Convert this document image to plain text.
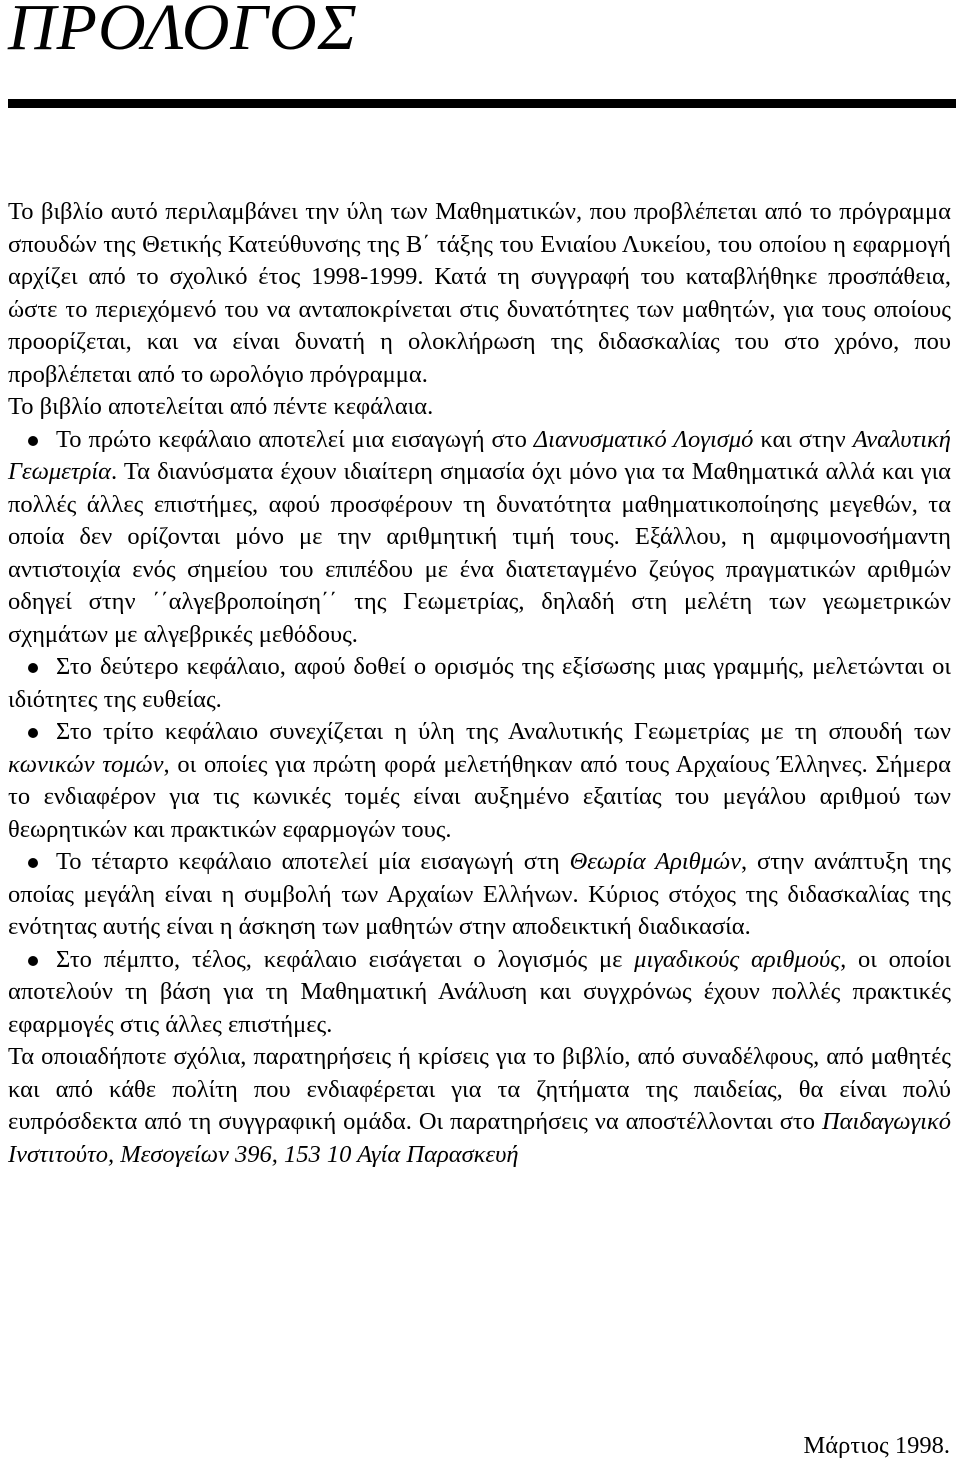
ΠΡΟΛΟΓΟΣ

Το βιβλίο αυτό περιλαμβάνει την ύλη των Μαθηματικών, που προβλέπεται από το πρόγραμμα σπουδών της Θετικής Κατεύθυνσης της Β΄ τάξης του Ενιαίου Λυκείου, του οποίου η εφαρμογή αρχίζει από το σχολικό έτος 1998-1999. Κατά τη συγγραφή του καταβλήθηκε προσπάθεια, ώστε το περιεχόμενό του να ανταποκρίνεται στις δυνατότητες των μαθητών, για τους οποίους προορίζεται, και να είναι δυνατή η ολοκλήρωση της διδασκαλίας του στο χρόνο, που προβλέπεται από το ωρολόγιο πρόγραμμα.

Το βιβλίο αποτελείται από πέντε κεφάλαια.

Το πρώτο κεφάλαιο αποτελεί μια εισαγωγή στο Διανυσματικό Λογισμό και στην Αναλυτική Γεωμετρία. Τα διανύσματα έχουν ιδιαίτερη σημασία όχι μόνο για τα Μαθηματικά αλλά και για πολλές άλλες επιστήμες, αφού προσφέρουν τη δυνατότητα μαθηματικοποίησης μεγεθών, τα οποία δεν ορίζονται μόνο με την αριθμητική τιμή τους. Εξάλλου, η αμφιμονοσήμαντη αντιστοιχία ενός σημείου του επιπέδου με ένα διατεταγμένο ζεύγος πραγματικών αριθμών οδηγεί στην ΄΄αλγεβροποίηση΄΄ της Γεωμετρίας, δηλαδή στη μελέτη των γεωμετρικών σχημάτων με αλγεβρικές μεθόδους.

Στο δεύτερο κεφάλαιο, αφού δοθεί ο ορισμός της εξίσωσης μιας γραμμής, μελετώνται οι ιδιότητες της ευθείας.

Στο τρίτο κεφάλαιο συνεχίζεται η ύλη της Αναλυτικής Γεωμετρίας με τη σπουδή των κωνικών τομών, οι οποίες για πρώτη φορά μελετήθηκαν από τους Αρχαίους Έλληνες. Σήμερα το ενδιαφέρον για τις κωνικές τομές είναι αυξημένο εξαιτίας του μεγάλου αριθμού των θεωρητικών και πρακτικών εφαρμογών τους.

Το τέταρτο κεφάλαιο αποτελεί μία εισαγωγή στη Θεωρία Αριθμών, στην ανάπτυξη της οποίας μεγάλη είναι η συμβολή των Αρχαίων Ελλήνων. Κύριος στόχος της διδασκαλίας της ενότητας αυτής είναι η άσκηση των μαθητών στην αποδεικτική διαδικασία.

Στο πέμπτο, τέλος, κεφάλαιο εισάγεται ο λογισμός με μιγαδικούς αριθμούς, οι οποίοι αποτελούν τη βάση για τη Μαθηματική Ανάλυση και συγχρόνως έχουν πολλές πρακτικές εφαρμογές στις άλλες επιστήμες.

Τα οποιαδήποτε σχόλια, παρατηρήσεις ή κρίσεις για το βιβλίο, από συναδέλφους, από μαθητές και από κάθε πολίτη που ενδιαφέρεται για τα ζητήματα της παιδείας, θα είναι πολύ ευπρόσδεκτα από τη συγγραφική ομάδα. Οι παρατηρήσεις να αποστέλλονται στο Παιδαγωγικό Ινστιτούτο, Μεσογείων 396, 153 10 Αγία Παρασκευή

Μάρτιος 1998.
